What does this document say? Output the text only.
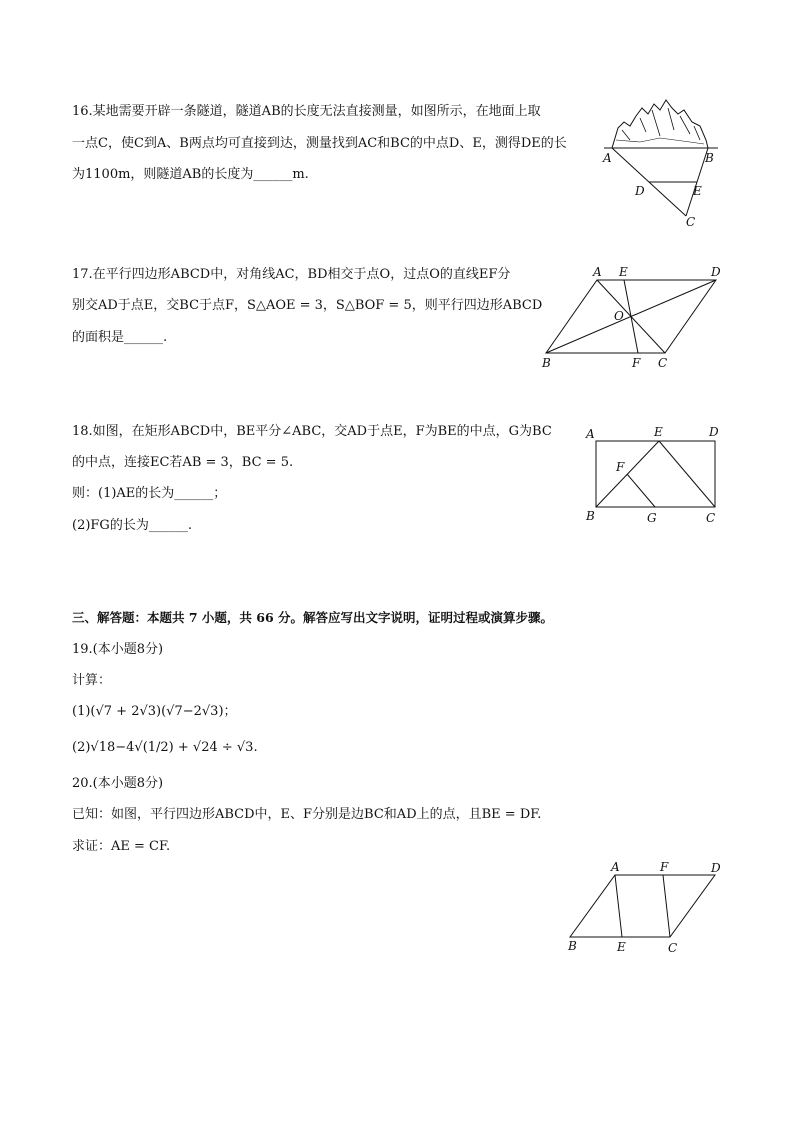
16.某地需要开辟一条隧道，隧道AB的长度无法直接测量，如图所示，在地面上取
一点C，使C到A、B两点均可直接到达，测量找到AC和BC的中点D、E，测得DE的长
为1100m，则隧道AB的长度为______m.
A	B
D	E
C
17.在平行四边形ABCD中，对角线AC，BD相交于点O，过点O的直线EF分
别交AD于点E，交BC于点F，S△AOE = 3，S△BOF = 5，则平行四边形ABCD
的面积是______.
A E	D
O
B	F C
18.如图，在矩形ABCD中，BE平分∠ABC，交AD于点E，F为BE的中点，G为BC
的中点，连接EC若AB = 3，BC = 5.
则：(1)AE的长为______；
(2)FG的长为______.
A	E	D
F
B	G	C
三、解答题：本题共 7 小题，共 66 分。解答应写出文字说明，证明过程或演算步骤。
19.(本小题8分)
计算：
(1)(√7 + 2√3)(√7−2√3)；
(2)√18−4√(1/2) + √24 ÷ √3.
20.(本小题8分)
已知：如图，平行四边形ABCD中，E、F分别是边BC和AD上的点，且BE = DF.
求证：AE = CF.
A	F	D
B	E	C
